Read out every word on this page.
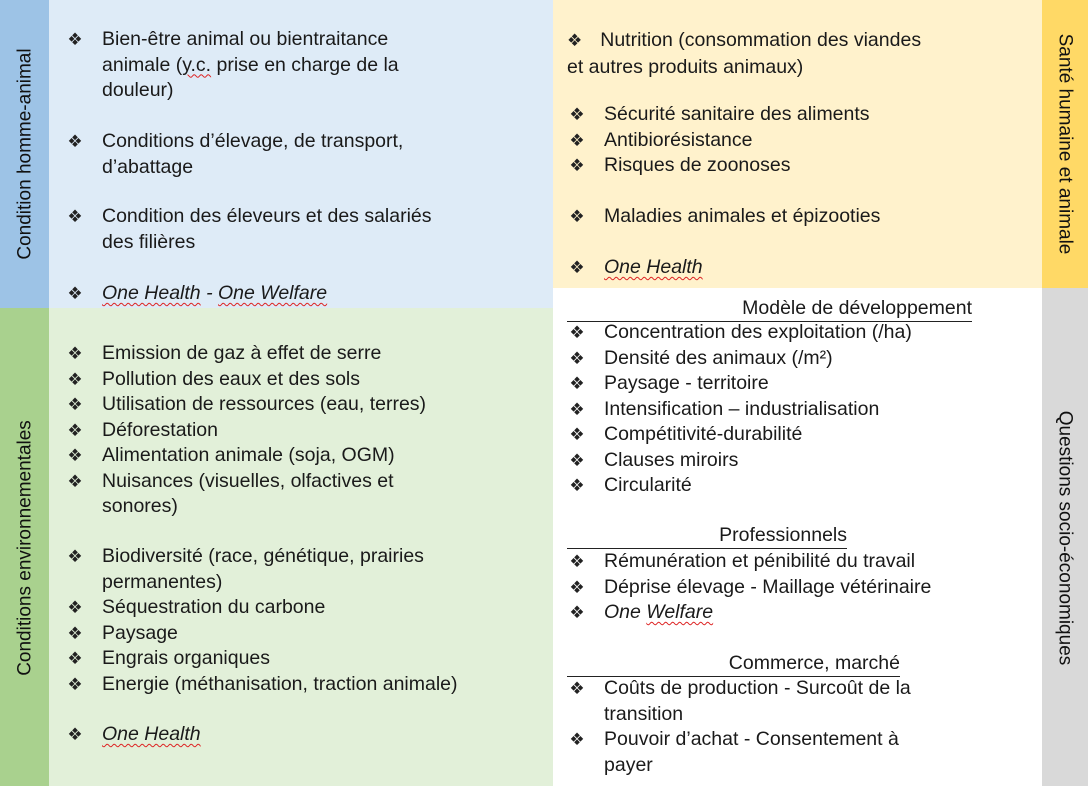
Condition homme-animal
Conditions environnementales
Santé humaine et animale
Questions socio-économiques
❖ Bien-être animal ou bientraitance
animale (y.c. prise en charge de la
douleur)
❖ Conditions d’élevage, de transport,
d’abattage
❖ Condition des éleveurs et des salariés
des filières
❖ One Health - One Welfare
❖ Emission de gaz à effet de serre
❖ Pollution des eaux et des sols
❖ Utilisation de ressources (eau, terres)
❖ Déforestation
❖ Alimentation animale (soja, OGM)
❖ Nuisances (visuelles, olfactives et
sonores)
❖ Biodiversité (race, génétique, prairies
permanentes)
❖ Séquestration du carbone
❖ Paysage
❖ Engrais organiques
❖ Energie (méthanisation, traction animale)
❖ One Health
❖ Nutrition (consommation des viandes
et autres produits animaux)
❖ Sécurité sanitaire des aliments
❖ Antibiorésistance
❖ Risques de zoonoses
❖ Maladies animales et épizooties
❖ One Health
Modèle de développement
❖ Concentration des exploitation (/ha)
❖ Densité des animaux (/m²)
❖ Paysage - territoire
❖ Intensification – industrialisation
❖ Compétitivité-durabilité
❖ Clauses miroirs
❖ Circularité
Professionnels
❖ Rémunération et pénibilité du travail
❖ Déprise élevage - Maillage vétérinaire
❖ One Welfare
Commerce, marché
❖ Coûts de production - Surcoût de la
transition
❖ Pouvoir d’achat - Consentement à
payer
